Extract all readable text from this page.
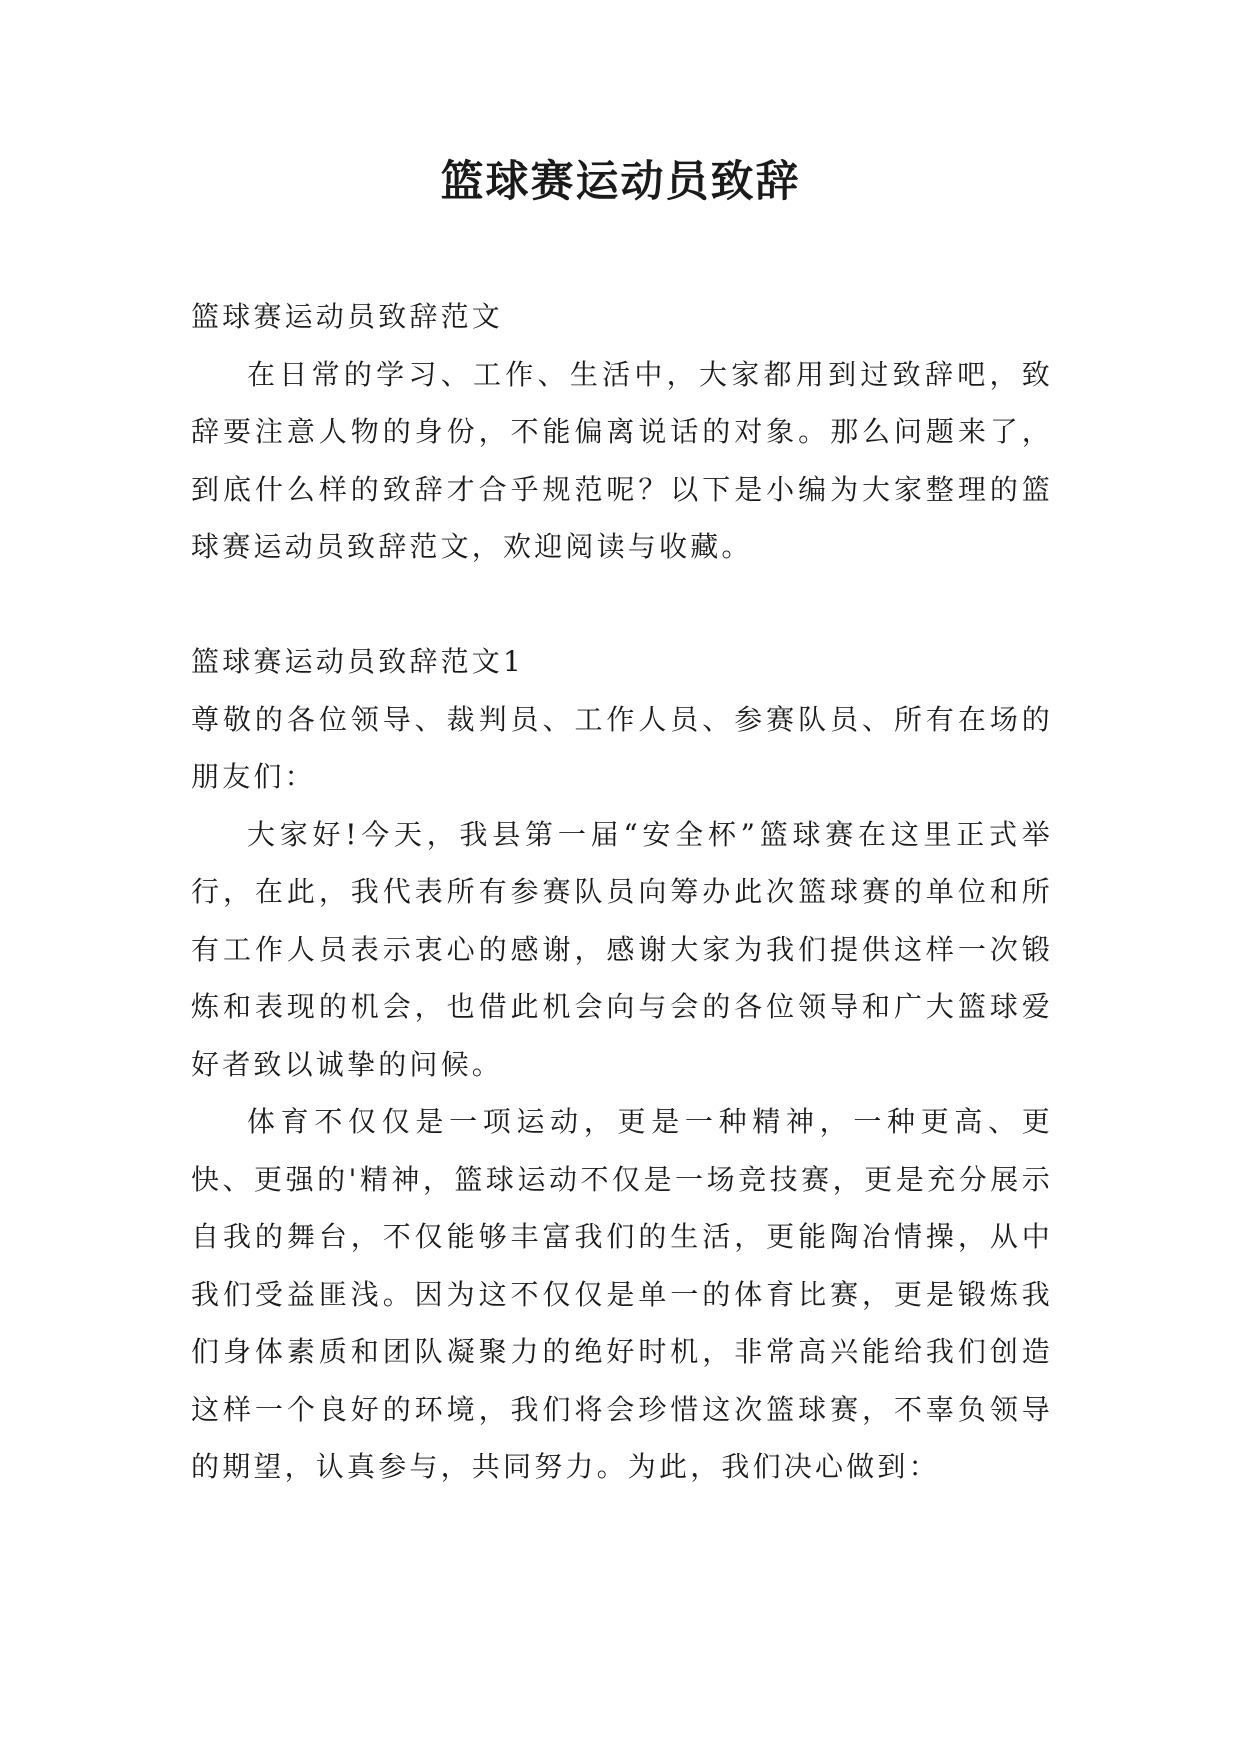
篮球赛运动员致辞

篮球赛运动员致辞范文

在日常的学习、工作、生活中，大家都用到过致辞吧，致辞要注意人物的身份，不能偏离说话的对象。那么问题来了，到底什么样的致辞才合乎规范呢？以下是小编为大家整理的篮球赛运动员致辞范文，欢迎阅读与收藏。

篮球赛运动员致辞范文1

尊敬的各位领导、裁判员、工作人员、参赛队员、所有在场的朋友们：

大家好!今天，我县第一届“安全杯”篮球赛在这里正式举行，在此，我代表所有参赛队员向筹办此次篮球赛的单位和所有工作人员表示衷心的感谢，感谢大家为我们提供这样一次锻炼和表现的机会，也借此机会向与会的各位领导和广大篮球爱好者致以诚挚的问候。

体育不仅仅是一项运动，更是一种精神，一种更高、更快、更强的'精神，篮球运动不仅是一场竞技赛，更是充分展示自我的舞台，不仅能够丰富我们的生活，更能陶冶情操，从中我们受益匪浅。因为这不仅仅是单一的体育比赛，更是锻炼我们身体素质和团队凝聚力的绝好时机，非常高兴能给我们创造这样一个良好的环境，我们将会珍惜这次篮球赛，不辜负领导的期望，认真参与，共同努力。为此，我们决心做到：
